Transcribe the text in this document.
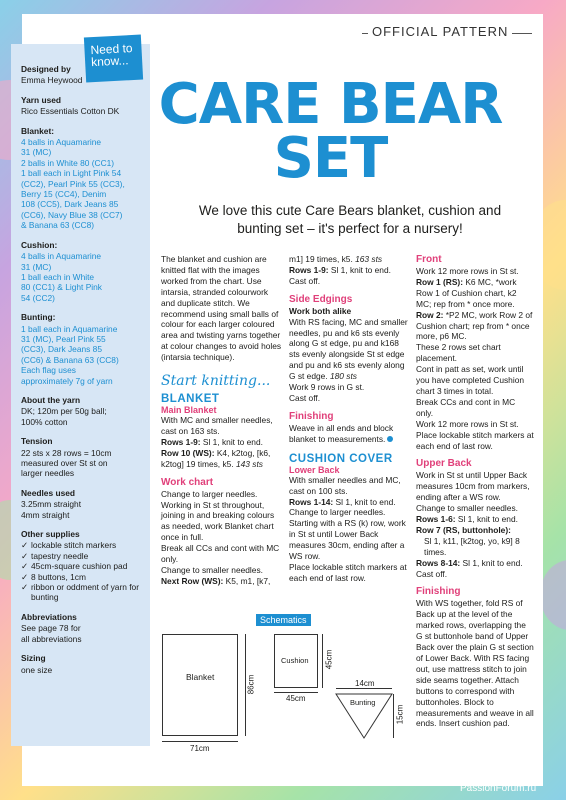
OFFICIAL PATTERN
Need to
know...
Designed by
Emma Heywood
Yarn used
Rico Essentials Cotton DK
Blanket:
4 balls in Aquamarine
31 (MC)
2 balls in White 80 (CC1)
1 ball each in Light Pink 54
(CC2), Pearl Pink 55 (CC3),
Berry 15 (CC4), Denim
108 (CC5), Dark Jeans 85
(CC6), Navy Blue 38 (CC7)
& Banana 63 (CC8)
Cushion:
4 balls in Aquamarine
31 (MC)
1 ball each in White
80 (CC1) & Light Pink
54 (CC2)
Bunting:
1 ball each in Aquamarine
31 (MC), Pearl Pink 55
(CC3), Dark Jeans 85
(CC6) & Banana 63 (CC8)
Each flag uses
approximately 7g of yarn
About the yarn
DK; 120m per 50g ball;
100% cotton
Tension
22 sts x 28 rows = 10cm
measured over St st on
larger needles
Needles used
3.25mm straight
4mm straight
Other supplies
✓ lockable stitch markers
✓ tapestry needle
✓ 45cm-square cushion pad
✓ 8 buttons, 1cm
✓ ribbon or oddment of yarn for bunting
Abbreviations
See page 78 for
all abbreviations
Sizing
one size
CARE BEAR
SET
We love this cute Care Bears blanket, cushion and bunting set – it's perfect for a nursery!

The blanket and cushion are knitted flat with the images worked from the chart. Use intarsia, stranded colourwork and duplicate stitch. We recommend using small balls of colour for each larger coloured area and twisting yarns together at colour changes to avoid holes (intarsia technique).

Start knitting...
BLANKET
Main Blanket

With MC and smaller needles, cast on 163 sts.

Rows 1-9: Sl 1, knit to end.

Row 10 (WS): K4, k2tog, [k6, k2tog] 19 times, k5. 143 sts

Work chart

Change to larger needles.

Working in St st throughout, joining in and breaking colours as needed, work Blanket chart once in full.

Break all CCs and cont with MC only.

Change to smaller needles.

Next Row (WS): K5, m1, [k7,

m1] 19 times, k5. 163 sts

Rows 1-9: Sl 1, knit to end.

Cast off.

Side Edgings

Work both alike

With RS facing, MC and smaller needles, pu and k6 sts evenly along G st edge, pu and k168 sts evenly alongside St st edge and pu and k6 sts evenly along G st edge. 180 sts

Work 9 rows in G st.

Cast off.

Finishing

Weave in all ends and block blanket to measurements.

CUSHION COVER
Lower Back

With smaller needles and MC, cast on 100 sts.

Rows 1-14: Sl 1, knit to end.

Change to larger needles.

Starting with a RS (k) row, work in St st until Lower Back measures 30cm, ending after a WS row.

Place lockable stitch markers at each end of last row.

Front

Work 12 more rows in St st.

Row 1 (RS): K6 MC, *work Row 1 of Cushion chart, k2 MC; rep from * once more.

Row 2: *P2 MC, work Row 2 of Cushion chart; rep from * once more, p6 MC.

These 2 rows set chart placement.

Cont in patt as set, work until you have completed Cushion chart 3 times in total.

Break CCs and cont in MC only.

Work 12 more rows in St st.

Place lockable stitch markers at each end of last row.

Upper Back

Work in St st until Upper Back measures 10cm from markers, ending after a WS row.

Change to smaller needles.

Rows 1-6: Sl 1, knit to end.

Row 7 (RS, buttonhole):

Sl 1, k11, [k2tog, yo, k9] 8 times.

Rows 8-14: Sl 1, knit to end.

Cast off.

Finishing

With WS together, fold RS of Back up at the level of the marked rows, overlapping the G st buttonhole band of Upper Back over the plain G st section of Lower Back. With RS facing out, use mattress stitch to join side seams together. Attach buttons to correspond with buttonholes. Block to measurements and weave in all ends. Insert cushion pad.

Schematics
Blanket	86cm
71cm
Cushion 45cm
45cm
14cm
Bunting
15cm
13
PassionForum.ru
